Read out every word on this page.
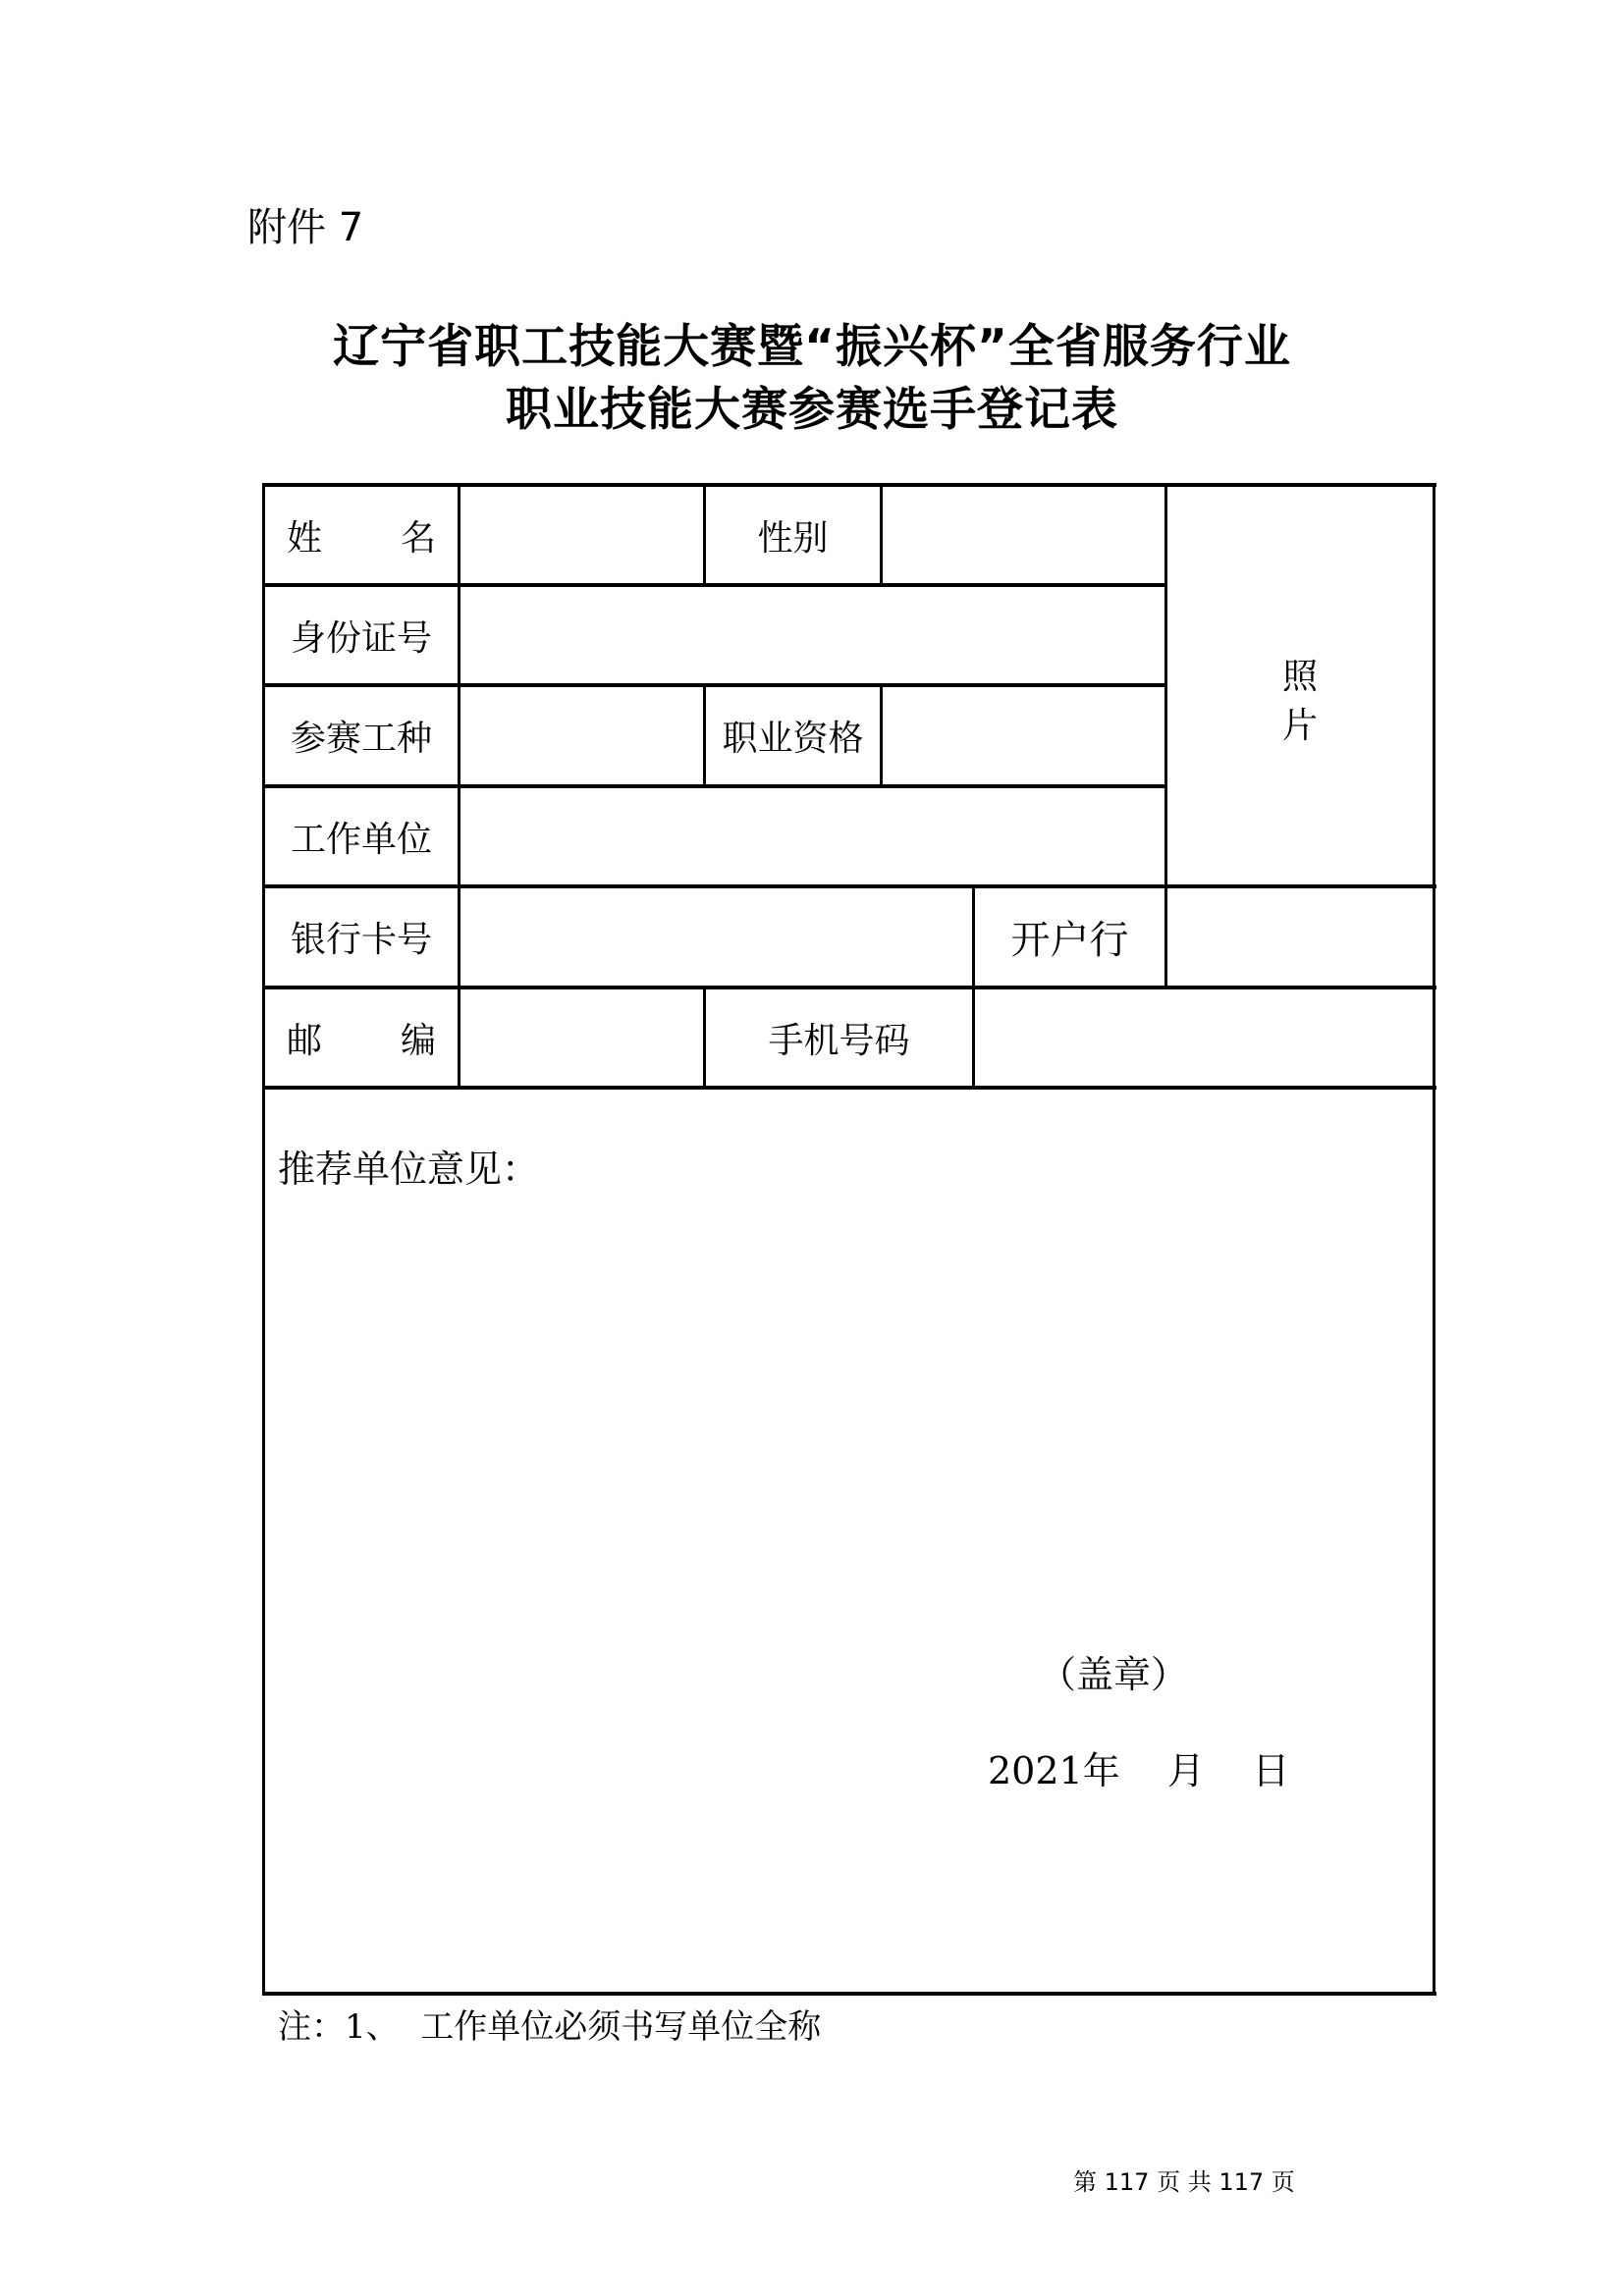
附件 7
辽宁省职工技能大赛暨“振兴杯”全省服务行业
职业技能大赛参赛选手登记表
姓 名	性别
身份证号
参赛工种	职业资格
工作单位
照
片
银行卡号	开户行
邮 编	手机号码
推荐单位意见：
（盖章）
2021年    月    日
注：1、  工作单位必须书写单位全称
第 117 页 共 117 页
